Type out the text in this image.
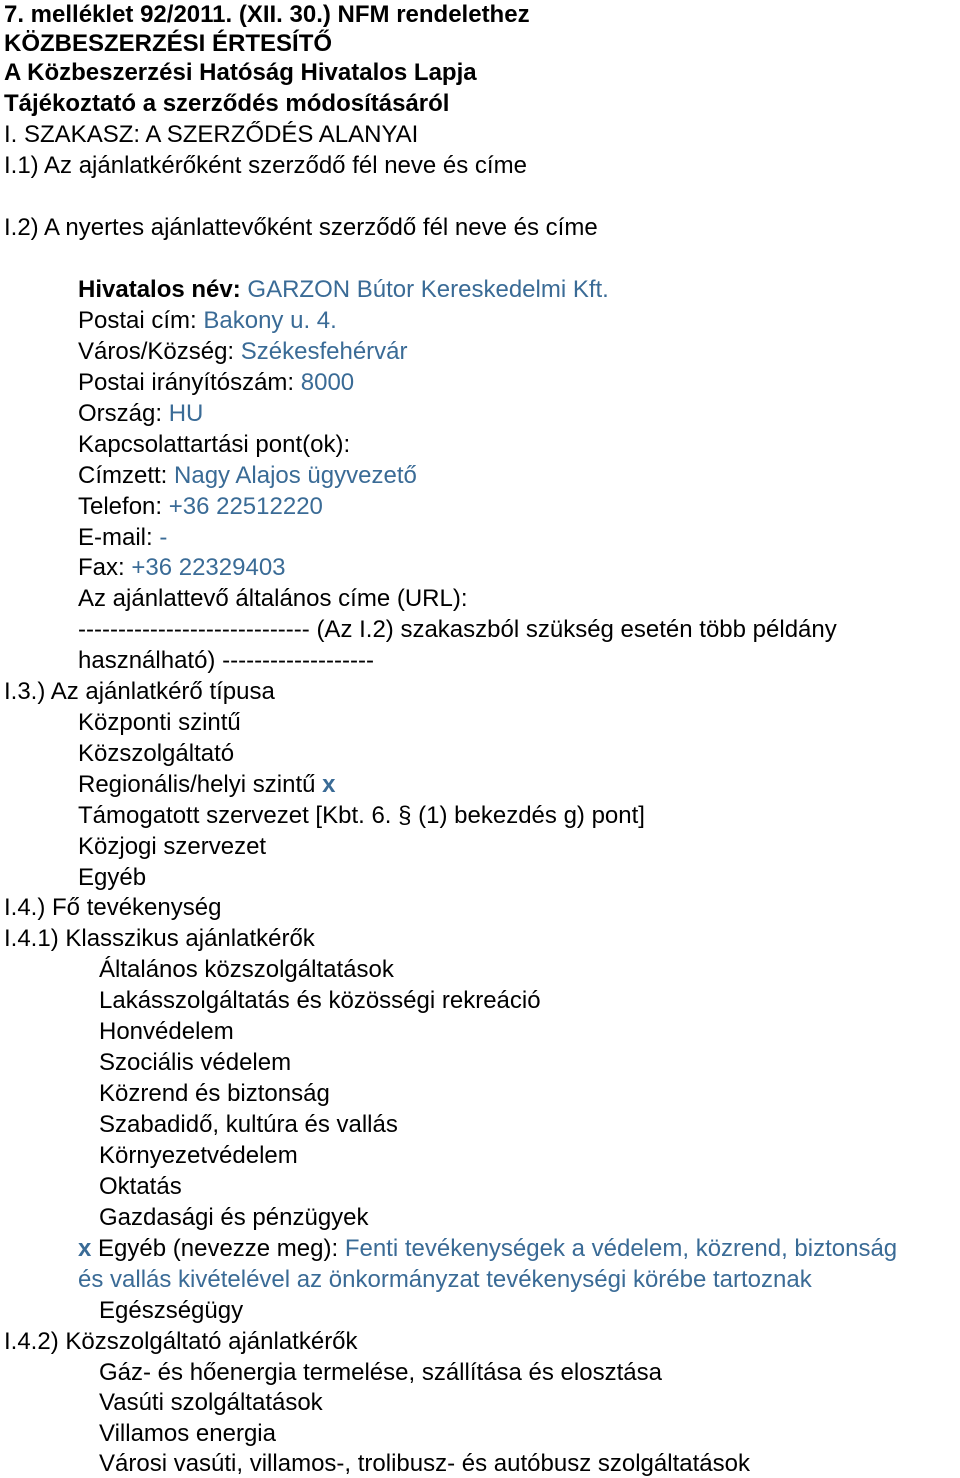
7. melléklet 92/2011. (XII. 30.) NFM rendelethez
KÖZBESZERZÉSI ÉRTESÍTŐ
A Közbeszerzési Hatóság Hivatalos Lapja
Tájékoztató a szerződés módosításáról
I. SZAKASZ: A SZERZŐDÉS ALANYAI
I.1) Az ajánlatkérőként szerződő fél neve és címe
I.2) A nyertes ajánlattevőként szerződő fél neve és címe
Hivatalos név: GARZON Bútor Kereskedelmi Kft.
Postai cím: Bakony u. 4.
Város/Község: Székesfehérvár
Postai irányítószám: 8000
Ország: HU
Kapcsolattartási pont(ok):
Címzett: Nagy Alajos ügyvezető
Telefon: +36 22512220
E-mail: -
Fax: +36 22329403
Az ajánlattevő általános címe (URL):
----------------------------- (Az I.2) szakaszból szükség esetén több példány
használható) -------------------
I.3.) Az ajánlatkérő típusa
Központi szintű
Közszolgáltató
Regionális/helyi szintű x
Támogatott szervezet [Kbt. 6. § (1) bekezdés g) pont]
Közjogi szervezet
Egyéb
I.4.) Fő tevékenység
I.4.1) Klasszikus ajánlatkérők
Általános közszolgáltatások
Lakásszolgáltatás és közösségi rekreáció
Honvédelem
Szociális védelem
Közrend és biztonság
Szabadidő, kultúra és vallás
Környezetvédelem
Oktatás
Gazdasági és pénzügyek
x Egyéb (nevezze meg): Fenti tevékenységek a védelem, közrend, biztonság
és vallás kivételével az önkormányzat tevékenységi körébe tartoznak
Egészségügy
I.4.2) Közszolgáltató ajánlatkérők
Gáz- és hőenergia termelése, szállítása és elosztása
Vasúti szolgáltatások
Villamos energia
Városi vasúti, villamos-, trolibusz- és autóbusz szolgáltatások
